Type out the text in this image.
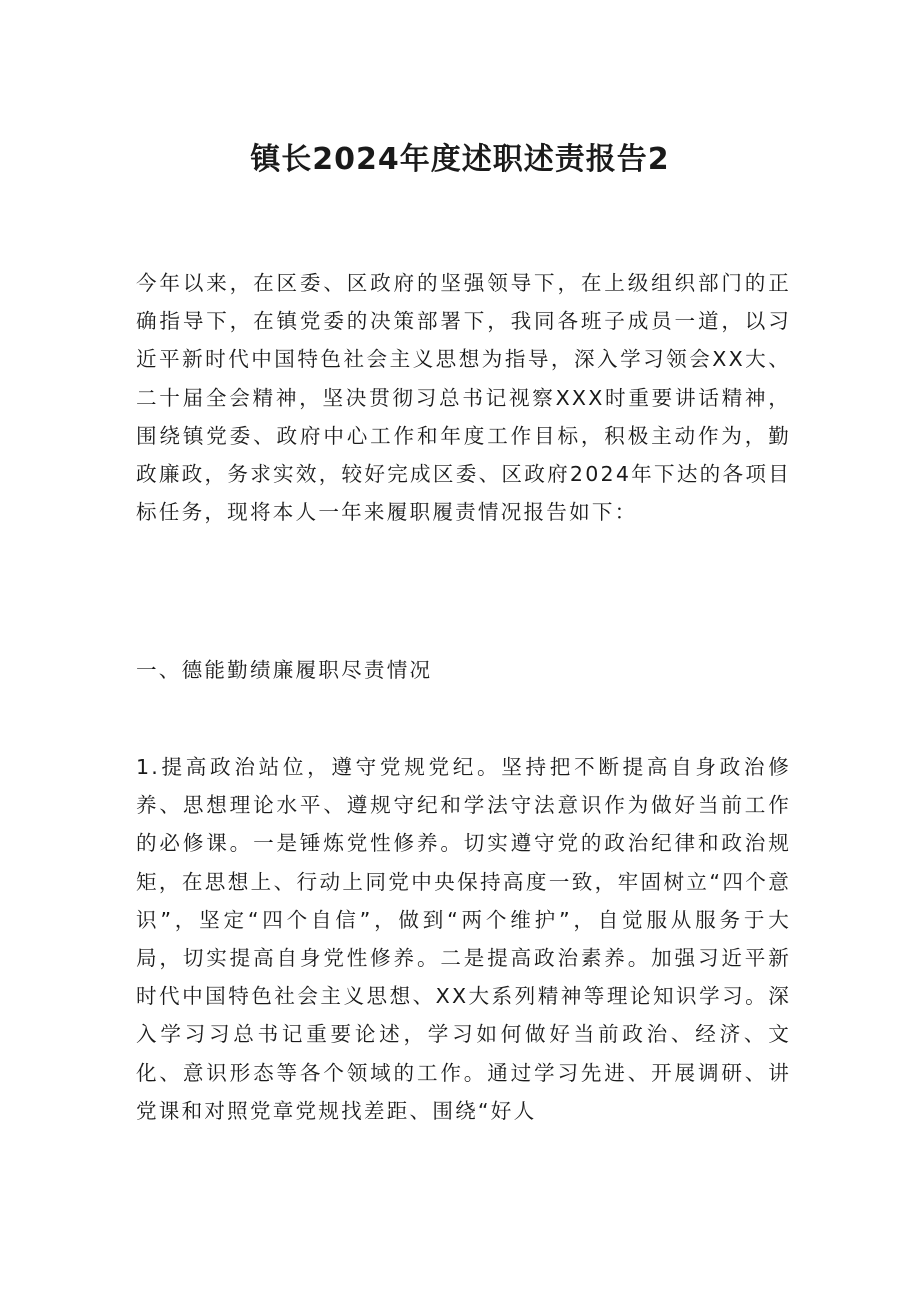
镇长2024年度述职述责报告2

今年以来，在区委、区政府的坚强领导下，在上级组织部门的正确指导下，在镇党委的决策部署下，我同各班子成员一道，以习近平新时代中国特色社会主义思想为指导，深入学习领会XX大、二十届全会精神，坚决贯彻习总书记视察XXX时重要讲话精神，围绕镇党委、政府中心工作和年度工作目标，积极主动作为，勤政廉政，务求实效，较好完成区委、区政府2024年下达的各项目标任务，现将本人一年来履职履责情况报告如下：

一、德能勤绩廉履职尽责情况

1.提高政治站位，遵守党规党纪。坚持把不断提高自身政治修养、思想理论水平、遵规守纪和学法守法意识作为做好当前工作的必修课。一是锤炼党性修养。切实遵守党的政治纪律和政治规矩，在思想上、行动上同党中央保持高度一致，牢固树立“四个意识”，坚定“四个自信”，做到“两个维护”，自觉服从服务于大局，切实提高自身党性修养。二是提高政治素养。加强习近平新时代中国特色社会主义思想、XX大系列精神等理论知识学习。深入学习习总书记重要论述，学习如何做好当前政治、经济、文化、意识形态等各个领域的工作。通过学习先进、开展调研、讲党课和对照党章党规找差距、围绕“好人
